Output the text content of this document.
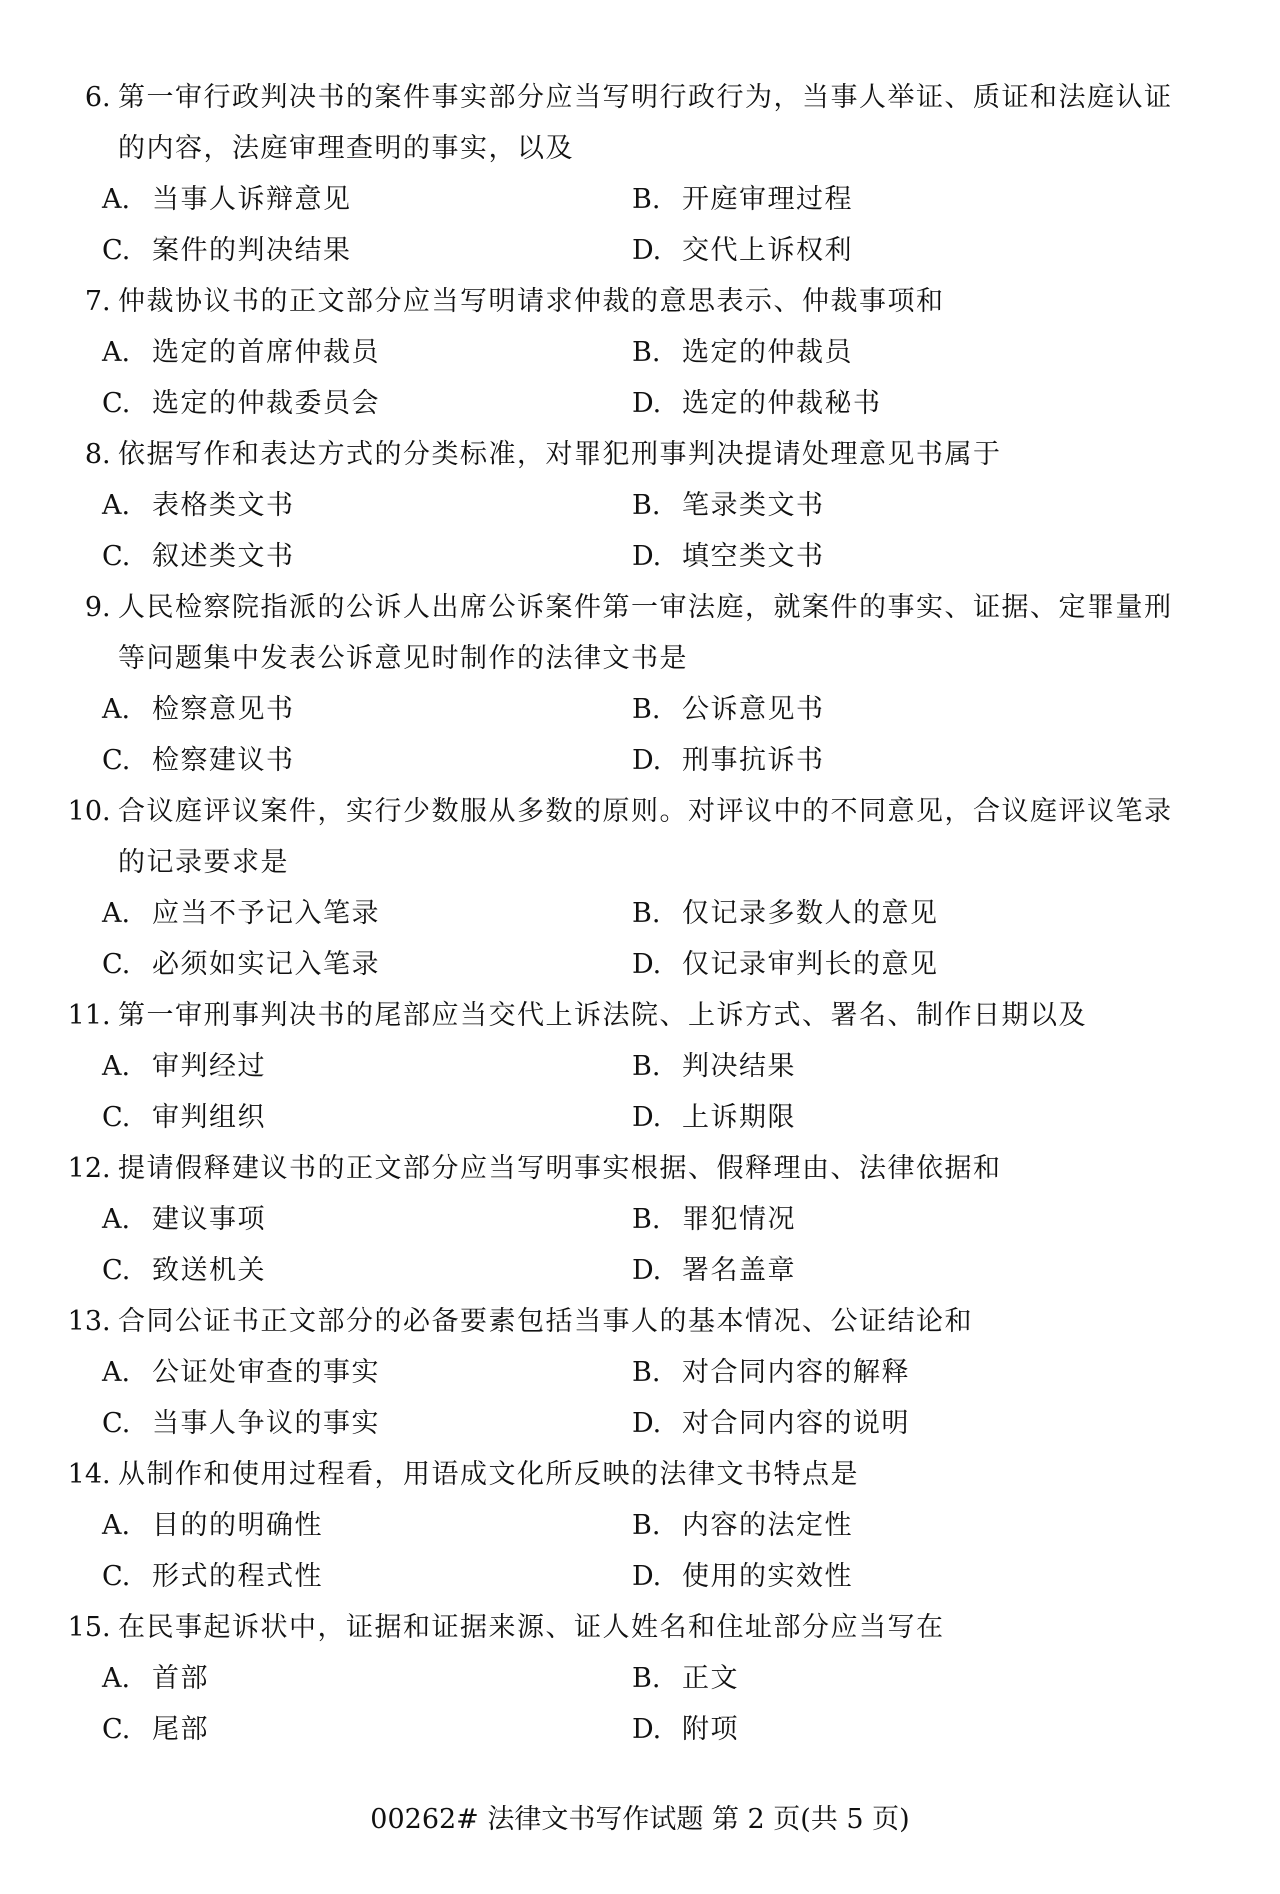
6 . 第一审行政判决书的案件事实部分应当写明行政行为，当事人举证、质证和法庭认证的内容，法庭审理查明的事实，以及
A. 当事人诉辩意见	B. 开庭审理过程
C. 案件的判决结果	D. 交代上诉权利
7 . 仲裁协议书的正文部分应当写明请求仲裁的意思表示、仲裁事项和
A. 选定的首席仲裁员	B. 选定的仲裁员
C. 选定的仲裁委员会	D. 选定的仲裁秘书
8 . 依据写作和表达方式的分类标准，对罪犯刑事判决提请处理意见书属于
A. 表格类文书	B. 笔录类文书
C. 叙述类文书	D. 填空类文书
9 . 人民检察院指派的公诉人出席公诉案件第一审法庭，就案件的事实、证据、定罪量刑等问题集中发表公诉意见时制作的法律文书是
A. 检察意见书	B. 公诉意见书
C. 检察建议书	D. 刑事抗诉书
10 . 合议庭评议案件，实行少数服从多数的原则。对评议中的不同意见，合议庭评议笔录的记录要求是
A. 应当不予记入笔录	B. 仅记录多数人的意见
C. 必须如实记入笔录	D. 仅记录审判长的意见
11 . 第一审刑事判决书的尾部应当交代上诉法院、上诉方式、署名、制作日期以及
A. 审判经过	B. 判决结果
C. 审判组织	D. 上诉期限
12 . 提请假释建议书的正文部分应当写明事实根据、假释理由、法律依据和
A. 建议事项	B. 罪犯情况
C. 致送机关	D. 署名盖章
13 . 合同公证书正文部分的必备要素包括当事人的基本情况、公证结论和
A. 公证处审查的事实	B. 对合同内容的解释
C. 当事人争议的事实	D. 对合同内容的说明
14 . 从制作和使用过程看，用语成文化所反映的法律文书特点是
A. 目的的明确性	B. 内容的法定性
C. 形式的程式性	D. 使用的实效性
15 . 在民事起诉状中，证据和证据来源、证人姓名和住址部分应当写在
A. 首部	B. 正文
C. 尾部	D. 附项
00262# 法律文书写作试题 第 2 页(共 5 页)
